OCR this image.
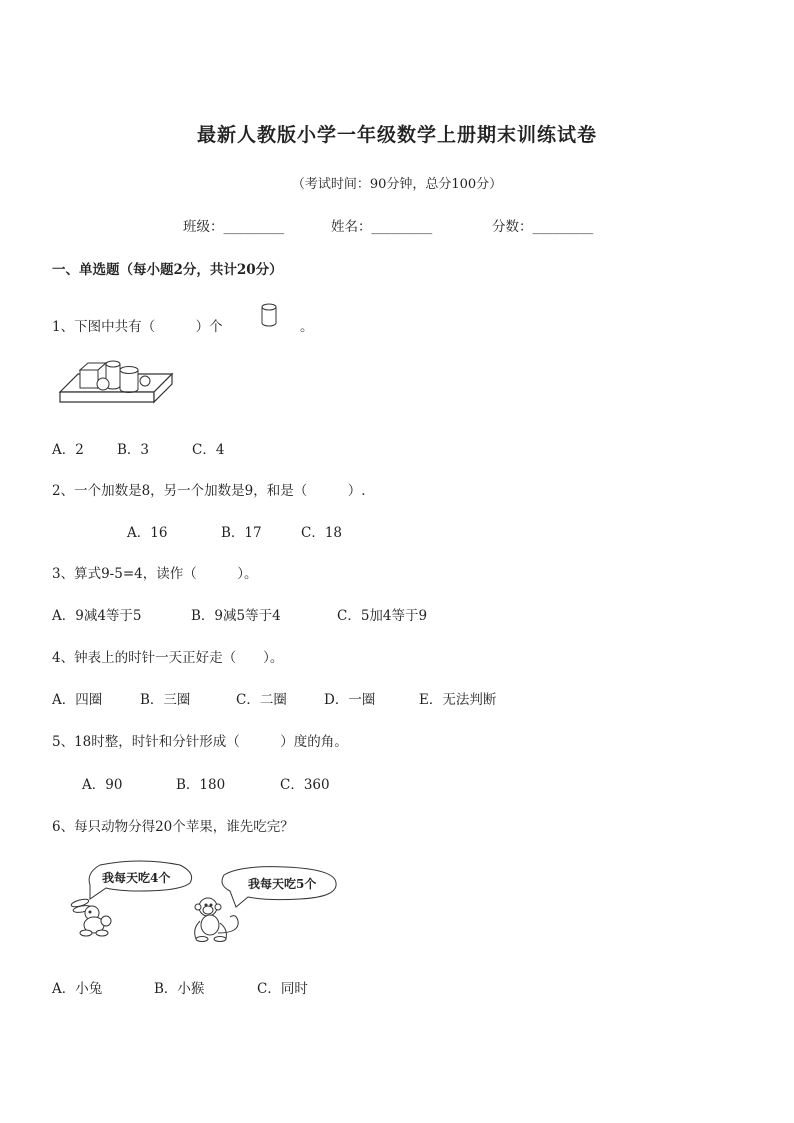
最新人教版小学一年级数学上册期末训练试卷
（考试时间：90分钟，总分100分）
班级：_________	姓名：_________	分数：_________
一、单选题（每小题2分，共计20分）
1、下图中共有（　　　）个	。
A．2 B．3	C．4
2、一个加数是8，另一个加数是9，和是（　　　）.
A．16	B．17	C．18
3、算式9-5=4，读作（　　　）。
A．9减4等于5	B．9减5等于4	C．5加4等于9
4、钟表上的时针一天正好走（　　）。
A．四圈	B．三圈	C．二圈	D．一圈	E．无法判断
5、18时整，时针和分针形成（　　　）度的角。
A．90	B．180	C．360
6、每只动物分得20个苹果，谁先吃完？
我每天吃4个	我每天吃5个
A．小兔	B．小猴	C．同时
